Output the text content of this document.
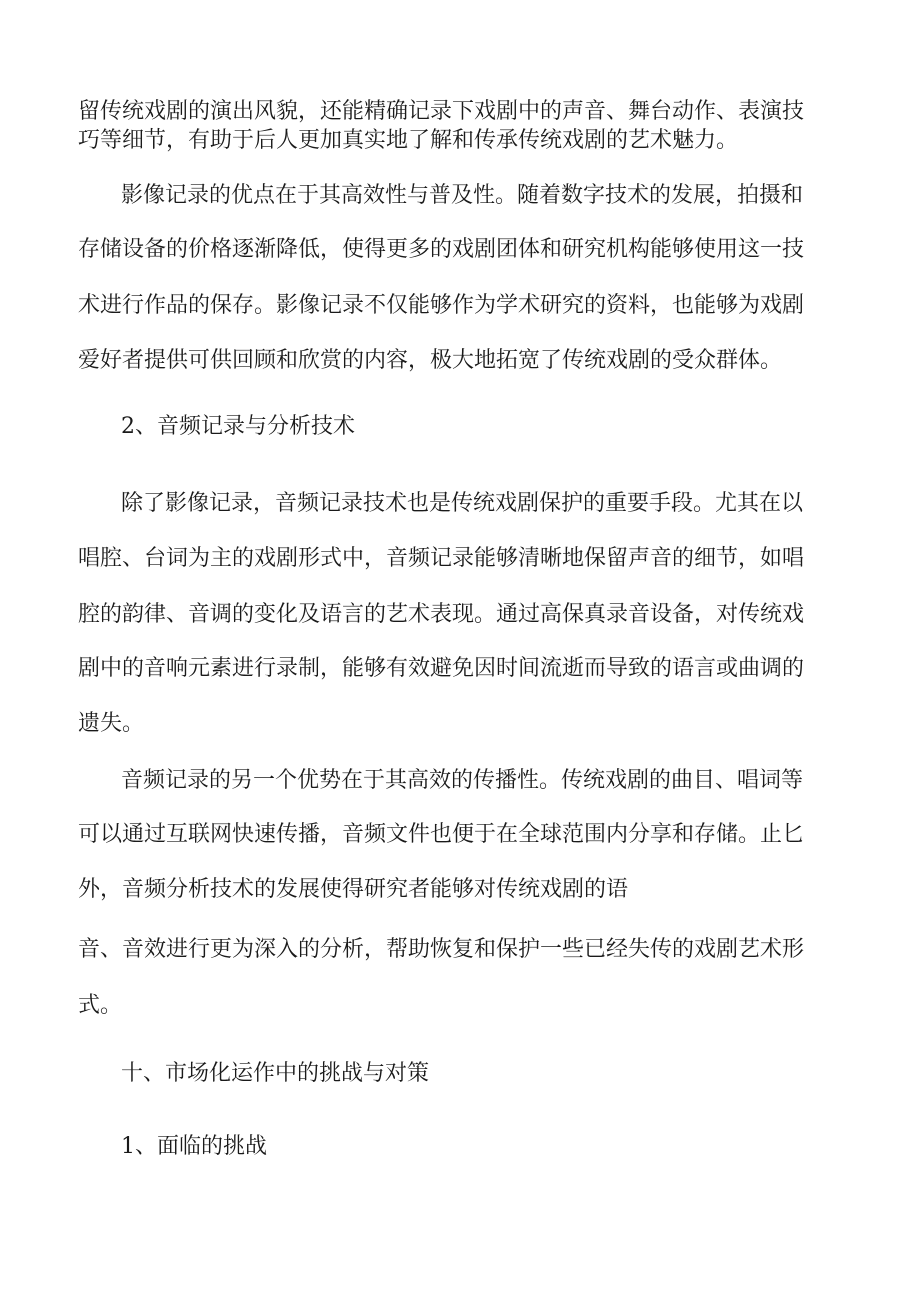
留传统戏剧的演出风貌，还能精确记录下戏剧中的声音、舞台动作、表演技
巧等细节，有助于后人更加真实地了解和传承传统戏剧的艺术魅力。
影像记录的优点在于其高效性与普及性。随着数字技术的发展，拍摄和
存储设备的价格逐渐降低，使得更多的戏剧团体和研究机构能够使用这一技
术进行作品的保存。影像记录不仅能够作为学术研究的资料，也能够为戏剧
爱好者提供可供回顾和欣赏的内容，极大地拓宽了传统戏剧的受众群体。
2、音频记录与分析技术
除了影像记录，音频记录技术也是传统戏剧保护的重要手段。尤其在以
唱腔、台词为主的戏剧形式中，音频记录能够清晰地保留声音的细节，如唱
腔的韵律、音调的变化及语言的艺术表现。通过高保真录音设备，对传统戏
剧中的音响元素进行录制，能够有效避免因时间流逝而导致的语言或曲调的
遗失。
音频记录的另一个优势在于其高效的传播性。传统戏剧的曲目、唱词等
可以通过互联网快速传播，音频文件也便于在全球范围内分享和存储。止匕
外，音频分析技术的发展使得研究者能够对传统戏剧的语
音、音效进行更为深入的分析，帮助恢复和保护一些已经失传的戏剧艺术形
式。
十、市场化运作中的挑战与对策
1、面临的挑战
